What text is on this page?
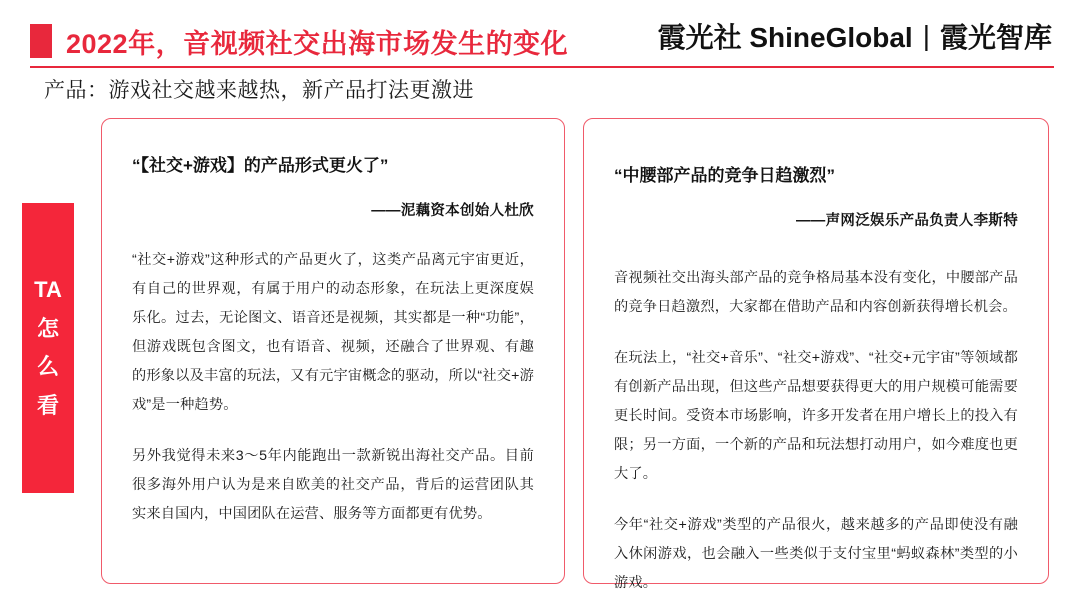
2022年，音视频社交出海市场发生的变化	霞光社 ShineGlobal | 霞光智库
产品：游戏社交越来越热，新产品打法更激进
TA
怎
么
看
“【社交+游戏】的产品形式更火了”
——泥藕资本创始人杜欣

“社交+游戏”这种形式的产品更火了，这类产品离元宇宙更近，有自己的世界观，有属于用户的动态形象，在玩法上更深度娱乐化。过去，无论图文、语音还是视频，其实都是一种“功能”，但游戏既包含图文，也有语音、视频，还融合了世界观、有趣的形象以及丰富的玩法，又有元宇宙概念的驱动，所以“社交+游戏”是一种趋势。

另外我觉得未来3～5年内能跑出一款新锐出海社交产品。目前很多海外用户认为是来自欧美的社交产品，背后的运营团队其实来自国内，中国团队在运营、服务等方面都更有优势。

“中腰部产品的竞争日趋激烈”
——声网泛娱乐产品负责人李斯特

音视频社交出海头部产品的竞争格局基本没有变化，中腰部产品的竞争日趋激烈，大家都在借助产品和内容创新获得增长机会。

在玩法上，“社交+音乐”、“社交+游戏”、“社交+元宇宙”等领域都有创新产品出现，但这些产品想要获得更大的用户规模可能需要更长时间。受资本市场影响，许多开发者在用户增长上的投入有限；另一方面，一个新的产品和玩法想打动用户，如今难度也更大了。

今年“社交+游戏”类型的产品很火，越来越多的产品即使没有融入休闲游戏，也会融入一些类似于支付宝里“蚂蚁森林”类型的小游戏。
